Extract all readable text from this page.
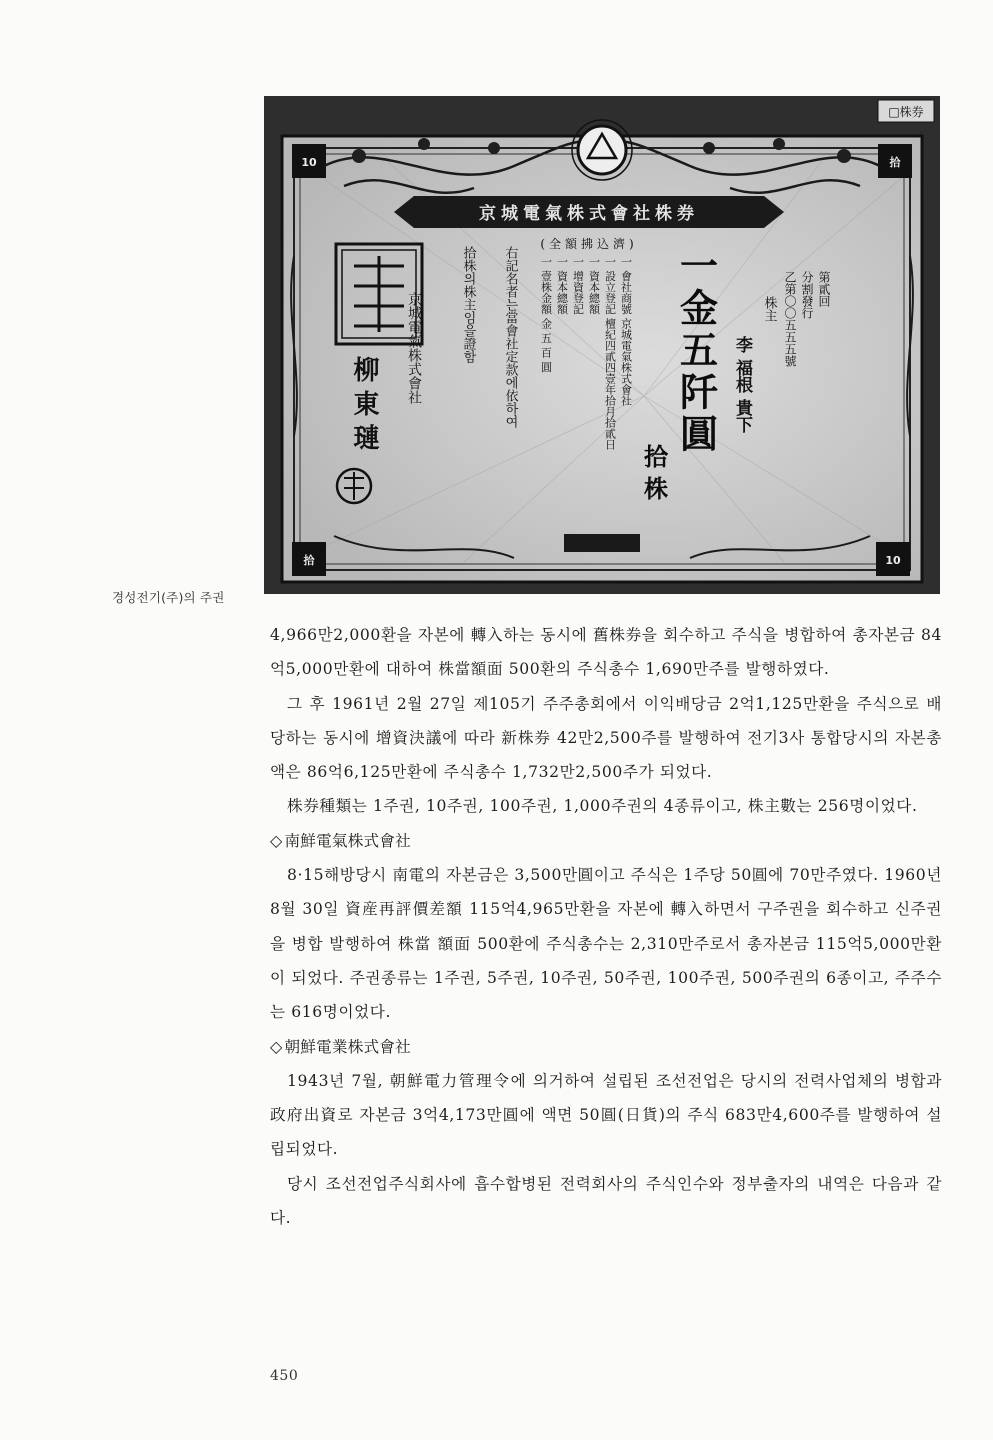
10	拾
拾	10
□株券
京城電氣株式會社株券
(全額拂込濟)
第貳回
分割發行
乙第〇〇五五五號
株主
李 福根 貴下
一金五阡圓
拾株
一 會社商號 京城電氣株式會社
一 設立登記 檀紀四貳四壹年拾月拾貳日
一 資本總額
一 增資登記
一 資本總額
一 壹株金額 金 五 百 圓
右記名者는當會社定款에依하여
拾株의株主임을證함
京城電氣株式會社
柳東璉
경성전기(주)의 주권

4,966만2,000환을 자본에 轉入하는 동시에 舊株券을 회수하고 주식을 병합하여 총자본금 84억5,000만환에 대하여 株當額面 500환의 주식총수 1,690만주를 발행하였다.

그 후 1961년 2월 27일 제105기 주주총회에서 이익배당금 2억1,125만환을 주식으로 배당하는 동시에 增資決議에 따라 新株券 42만2,500주를 발행하여 전기3사 통합당시의 자본총액은 86억6,125만환에 주식총수 1,732만2,500주가 되었다.

株券種類는 1주권, 10주권, 100주권, 1,000주권의 4종류이고, 株主數는 256명이었다.

◇ 南鮮電氣株式會社

8·15해방당시 南電의 자본금은 3,500만圓이고 주식은 1주당 50圓에 70만주였다. 1960년 8월 30일 資産再評價差額 115억4,965만환을 자본에 轉入하면서 구주권을 회수하고 신주권을 병합 발행하여 株當 額面 500환에 주식총수는 2,310만주로서 총자본금 115억5,000만환이 되었다. 주권종류는 1주권, 5주권, 10주권, 50주권, 100주권, 500주권의 6종이고, 주주수는 616명이었다.

◇ 朝鮮電業株式會社

1943년 7월, 朝鮮電力管理令에 의거하여 설립된 조선전업은 당시의 전력사업체의 병합과 政府出資로 자본금 3억4,173만圓에 액면 50圓(日貨)의 주식 683만4,600주를 발행하여 설립되었다.

당시 조선전업주식회사에 흡수합병된 전력회사의 주식인수와 정부출자의 내역은 다음과 같다.

450
